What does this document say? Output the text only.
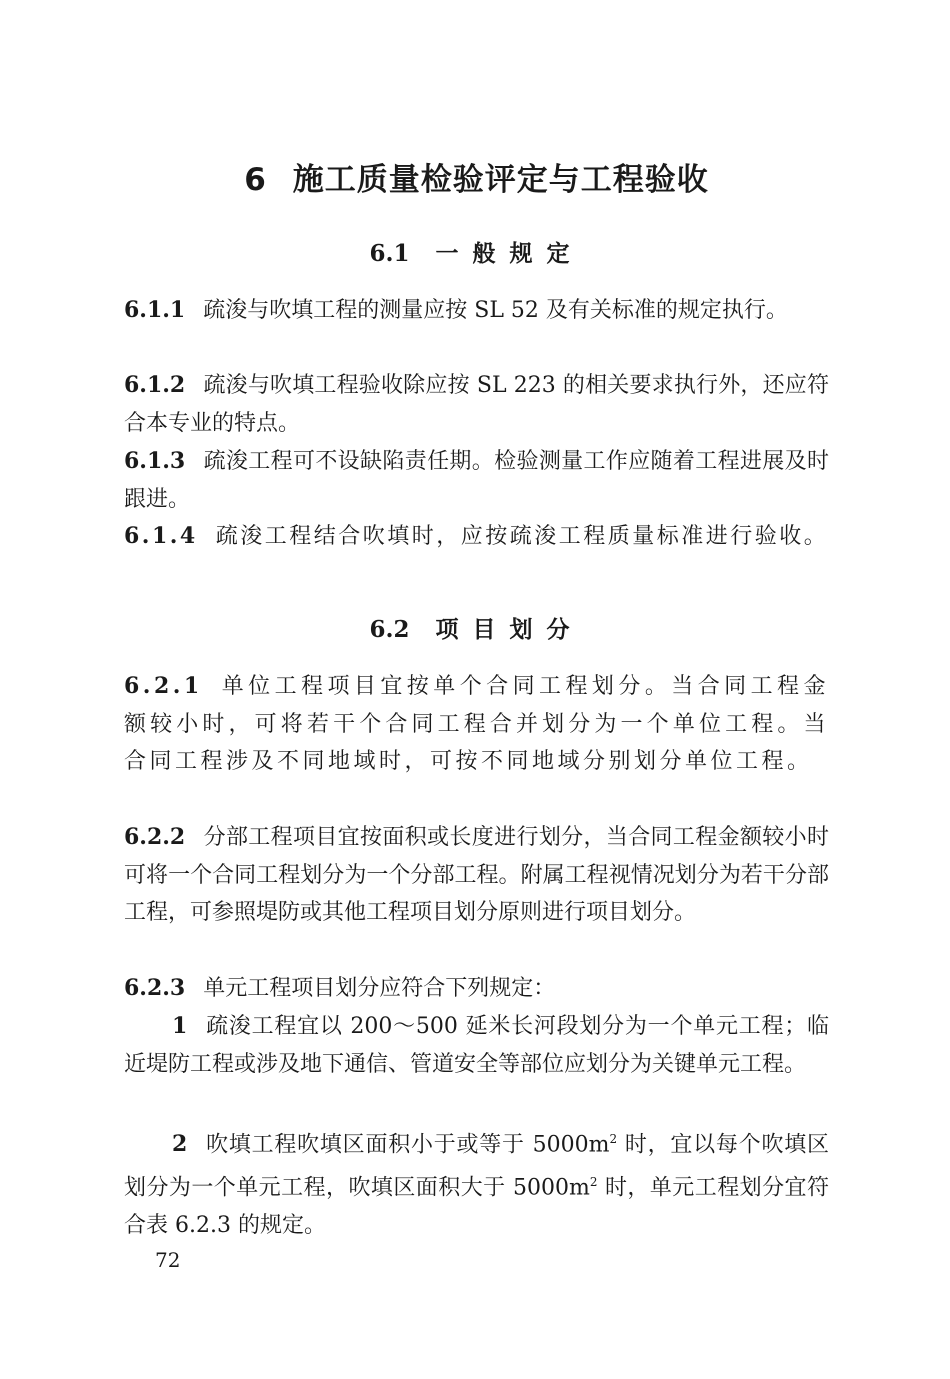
6 施工质量检验评定与工程验收
6.1 一般规定
6.1.1 疏浚与吹填工程的测量应按 SL 52 及有关标准的规定执行。
6.1.2 疏浚与吹填工程验收除应按 SL 223 的相关要求执行外，还应符合本专业的特点。
6.1.3 疏浚工程可不设缺陷责任期。检验测量工作应随着工程进展及时跟进。
6.1.4 疏浚工程结合吹填时，应按疏浚工程质量标准进行验收。
6.2 项目划分
6.2.1 单位工程项目宜按单个合同工程划分。当合同工程金额较小时，可将若干个合同工程合并划分为一个单位工程。当合同工程涉及不同地域时，可按不同地域分别划分单位工程。
6.2.2 分部工程项目宜按面积或长度进行划分，当合同工程金额较小时可将一个合同工程划分为一个分部工程。附属工程视情况划分为若干分部工程，可参照堤防或其他工程项目划分原则进行项目划分。
6.2.3 单元工程项目划分应符合下列规定：
1 疏浚工程宜以 200～500 延米长河段划分为一个单元工程；临近堤防工程或涉及地下通信、管道安全等部位应划分为关键单元工程。
2 吹填工程吹填区面积小于或等于 $5000m^2$ 时，宜以每个吹填区划分为一个单元工程，吹填区面积大于 $5000m^2$ 时，单元工程划分宜符合表 6.2.3 的规定。
72
